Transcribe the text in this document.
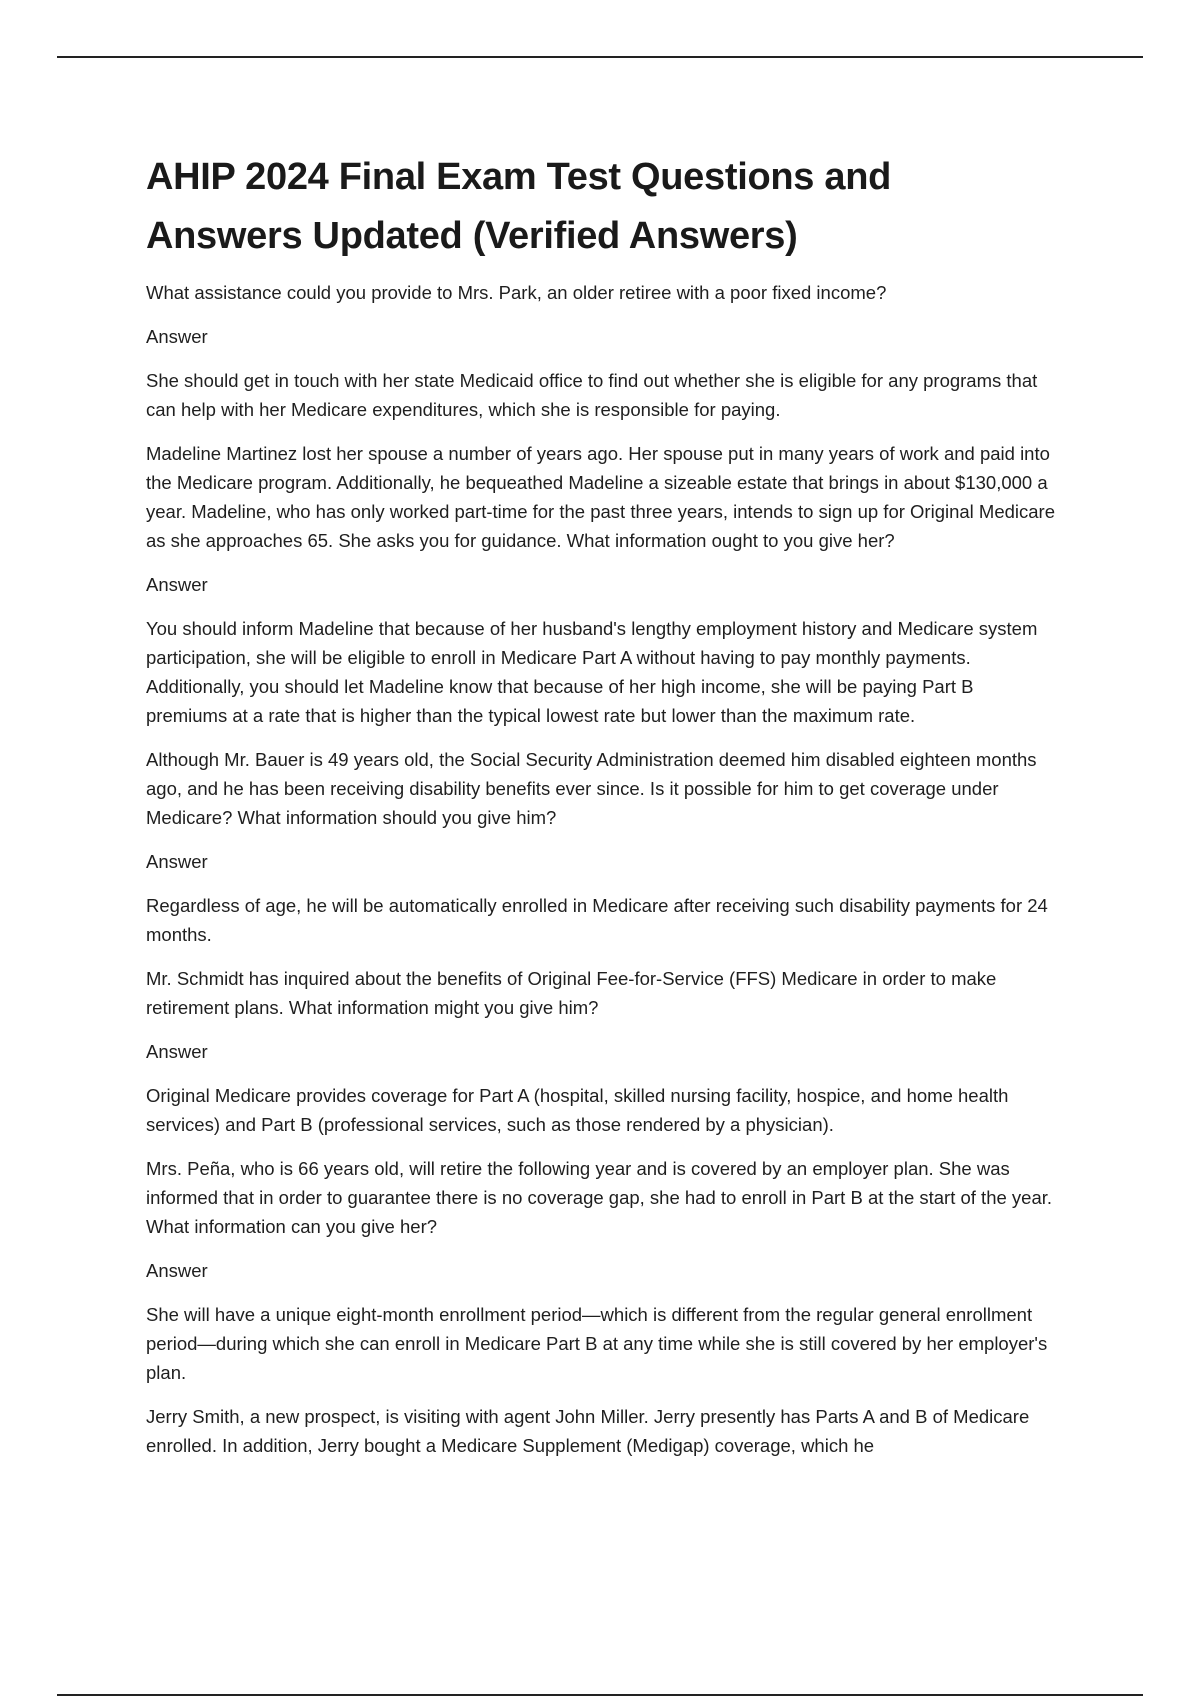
AHIP 2024 Final Exam Test Questions and Answers Updated (Verified Answers)

What assistance could you provide to Mrs. Park, an older retiree with a poor fixed income?

Answer

She should get in touch with her state Medicaid office to find out whether she is eligible for any programs that can help with her Medicare expenditures, which she is responsible for paying.

Madeline Martinez lost her spouse a number of years ago. Her spouse put in many years of work and paid into the Medicare program. Additionally, he bequeathed Madeline a sizeable estate that brings in about $130,000 a year. Madeline, who has only worked part-time for the past three years, intends to sign up for Original Medicare as she approaches 65. She asks you for guidance. What information ought to you give her?

Answer

You should inform Madeline that because of her husband's lengthy employment history and Medicare system participation, she will be eligible to enroll in Medicare Part A without having to pay monthly payments. Additionally, you should let Madeline know that because of her high income, she will be paying Part B premiums at a rate that is higher than the typical lowest rate but lower than the maximum rate.

Although Mr. Bauer is 49 years old, the Social Security Administration deemed him disabled eighteen months ago, and he has been receiving disability benefits ever since. Is it possible for him to get coverage under Medicare? What information should you give him?

Answer

Regardless of age, he will be automatically enrolled in Medicare after receiving such disability payments for 24 months.

Mr. Schmidt has inquired about the benefits of Original Fee-for-Service (FFS) Medicare in order to make retirement plans. What information might you give him?

Answer

Original Medicare provides coverage for Part A (hospital, skilled nursing facility, hospice, and home health services) and Part B (professional services, such as those rendered by a physician).

Mrs. Peña, who is 66 years old, will retire the following year and is covered by an employer plan. She was informed that in order to guarantee there is no coverage gap, she had to enroll in Part B at the start of the year. What information can you give her?

Answer

She will have a unique eight-month enrollment period—which is different from the regular general enrollment period—during which she can enroll in Medicare Part B at any time while she is still covered by her employer's plan.

Jerry Smith, a new prospect, is visiting with agent John Miller. Jerry presently has Parts A and B of Medicare enrolled. In addition, Jerry bought a Medicare Supplement (Medigap) coverage, which he
